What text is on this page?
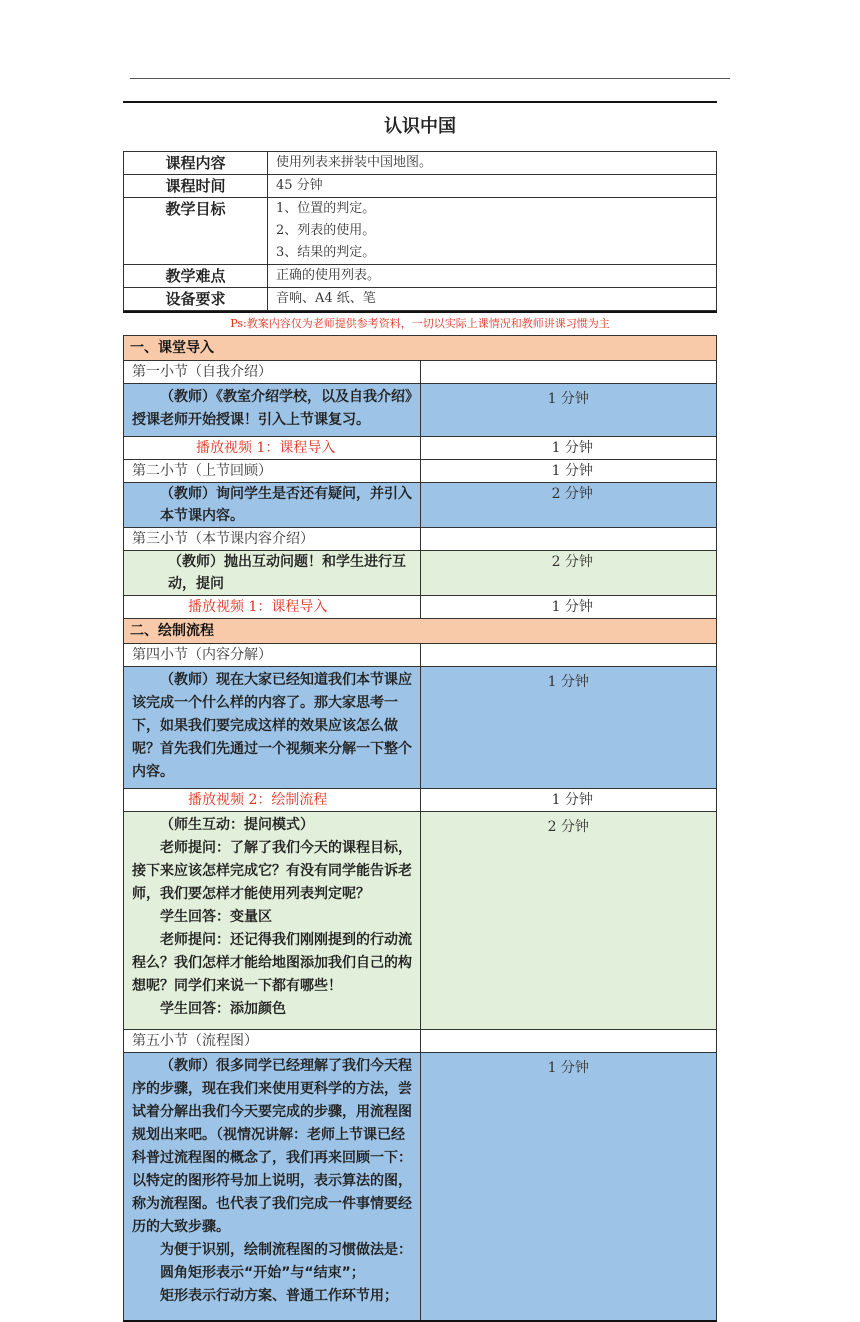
认识中国
课程内容	使用列表来拼装中国地图。
课程时间	45 分钟
教学目标	1、位置的判定。
2、列表的使用。
3、结果的判定。

教学难点	正确的使用列表。
设备要求	音响、A4 纸、笔
Ps:教案内容仅为老师提供参考资料，一切以实际上课情况和教师讲课习惯为主
一、课堂导入	
第一小节（自我介绍）	

（教师）《教室介绍学校，以及自我介绍》授课老师开始授课！引入上节课复习。	1 分钟
播放视频 1：课程导入	1 分钟
第二小节（上节回顾）	1 分钟
（教师）询问学生是否还有疑问，并引入本节课内容。	2 分钟
第三小节（本节课内容介绍）	
（教师）抛出互动问题！和学生进行互动，提问	2 分钟
播放视频 1：课程导入	1 分钟
二、绘制流程	
第四小节（内容分解）	

（教师）现在大家已经知道我们本节课应该完成一个什么样的内容了。那大家思考一下，如果我们要完成这样的效果应该怎么做呢？首先我们先通过一个视频来分解一下整个内容。	1 分钟
播放视频 2：绘制流程	1 分钟

（师生互动：提问模式）

老师提问：了解了我们今天的课程目标，接下来应该怎样完成它？有没有同学能告诉老师，我们要怎样才能使用列表判定呢？

学生回答：变量区

老师提问：还记得我们刚刚提到的行动流程么？我们怎样才能给地图添加我们自己的构想呢？同学们来说一下都有哪些！

学生回答：添加颜色	2 分钟
第五小节（流程图）	

（教师）很多同学已经理解了我们今天程序的步骤，现在我们来使用更科学的方法，尝试着分解出我们今天要完成的步骤，用流程图规划出来吧。（视情况讲解：老师上节课已经科普过流程图的概念了，我们再来回顾一下：以特定的图形符号加上说明，表示算法的图，称为流程图。也代表了我们完成一件事情要经历的大致步骤。

为便于识别，绘制流程图的习惯做法是：

圆角矩形表示“开始”与“结束”；

矩形表示行动方案、普通工作环节用；	1 分钟
